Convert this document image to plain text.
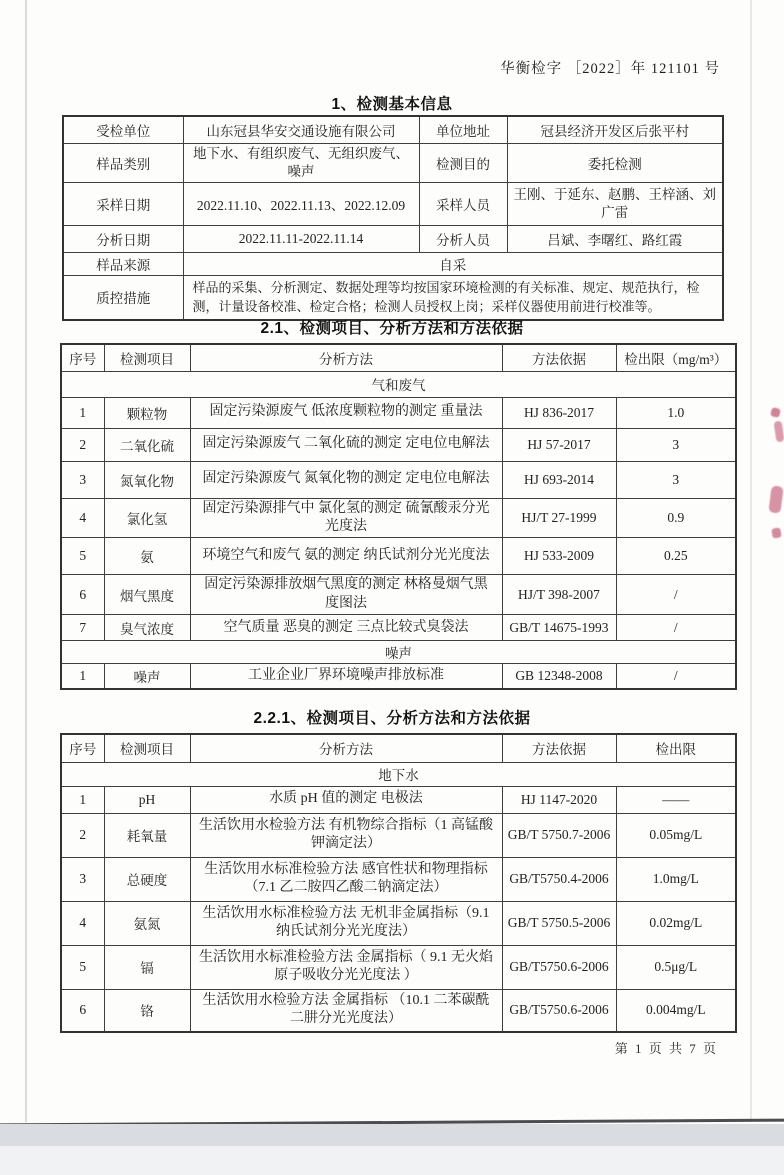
华衡检字 ［2022］年 121101 号
1、检测基本信息
受检单位	山东冠县华安交通设施有限公司	单位地址	冠县经济开发区后张平村
样品类别	地下水、有组织废气、无组织废气、噪声	检测目的	委托检测
采样日期	2022.11.10、2022.11.13、2022.12.09	采样人员	王刚、于延东、赵鹏、王梓涵、刘广雷
分析日期	2022.11.11-2022.11.14	分析人员	吕斌、李曙红、路红霞
样品来源	自采		
质控措施	样品的采集、分析测定、数据处理等均按国家环境检测的有关标准、规定、规范执行，检测，计量设备校准、检定合格；检测人员授权上岗；采样仪器使用前进行校准等。		
2.1、检测项目、分析方法和方法依据
序号	检测项目	分析方法	方法依据	检出限（mg/m³）
气和废气				
1	颗粒物	固定污染源废气 低浓度颗粒物的测定 重量法	HJ 836-2017	1.0
2	二氧化硫	固定污染源废气 二氧化硫的测定 定电位电解法	HJ 57-2017	3
3	氮氧化物	固定污染源废气 氮氧化物的测定 定电位电解法	HJ 693-2014	3
4	氯化氢	固定污染源排气中 氯化氢的测定 硫氰酸汞分光光度法	HJ/T 27-1999	0.9
5	氨	环境空气和废气 氨的测定 纳氏试剂分光光度法	HJ 533-2009	0.25
6	烟气黑度	固定污染源排放烟气黑度的测定 林格曼烟气黑度图法	HJ/T 398-2007	/
7	臭气浓度	空气质量 恶臭的测定 三点比较式臭袋法	GB/T 14675-1993	/
噪声				
1	噪声	工业企业厂界环境噪声排放标准	GB 12348-2008	/
2.2.1、检测项目、分析方法和方法依据
序号	检测项目	分析方法	方法依据	检出限
地下水				
1	pH	水质 pH 值的测定 电极法	HJ 1147-2020	——
2	耗氧量	生活饮用水检验方法 有机物综合指标（1 高锰酸钾滴定法）	GB/T 5750.7-2006	0.05mg/L
3	总硬度	生活饮用水标准检验方法 感官性状和物理指标 （7.1 乙二胺四乙酸二钠滴定法）	GB/T5750.4-2006	1.0mg/L
4	氨氮	生活饮用水标准检验方法 无机非金属指标（9.1 纳氏试剂分光光度法）	GB/T 5750.5-2006	0.02mg/L
5	镉	生活饮用水标准检验方法 金属指标（ 9.1 无火焰原子吸收分光光度法 ）	GB/T5750.6-2006	0.5μg/L
6	铬	生活饮用水检验方法 金属指标 （10.1 二苯碳酰二肼分光光度法）	GB/T5750.6-2006	0.004mg/L
第 1 页 共 7 页
